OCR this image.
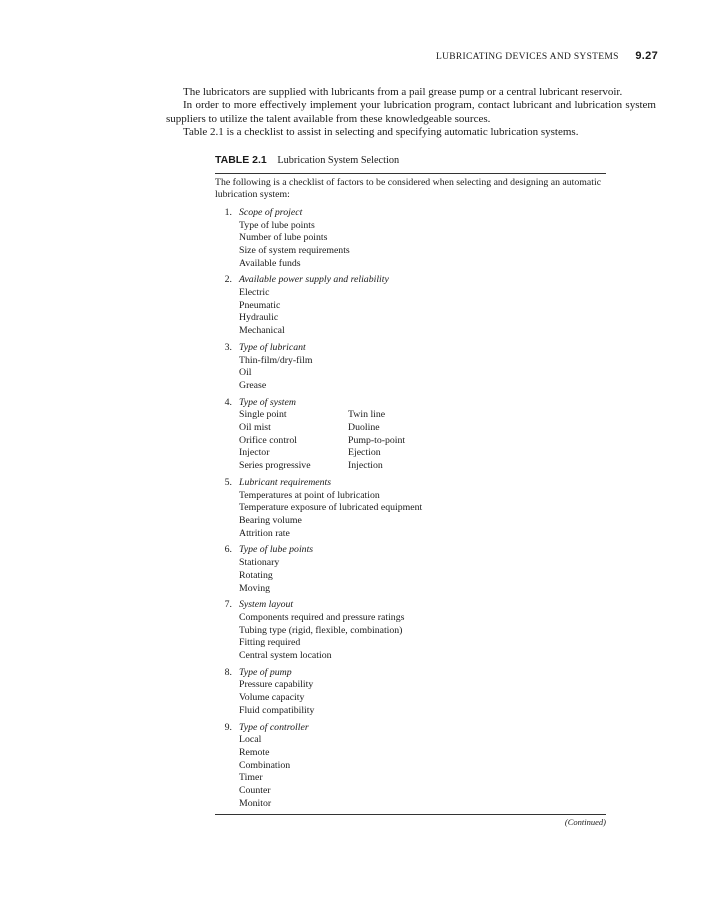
LUBRICATING DEVICES AND SYSTEMS 9.27

The lubricators are supplied with lubricants from a pail grease pump or a central lubricant reservoir.

In order to more effectively implement your lubrication program, contact lubricant and lubrication system suppliers to utilize the talent available from these knowledgeable sources.

Table 2.1 is a checklist to assist in selecting and specifying automatic lubrication systems.

TABLE 2.1 Lubrication System Selection
The following is a checklist of factors to be considered when selecting and designing an automatic lubrication system:
1. Scope of project
Type of lube points
Number of lube points
Size of system requirements
Available funds
2. Available power supply and reliability
Electric
Pneumatic
Hydraulic
Mechanical
3. Type of lubricant
Thin-film/dry-film
Oil
Grease
4. Type of system
Single point	Twin line
Oil mist	Duoline
Orifice control	Pump-to-point
Injector	Ejection
Series progressive	Injection
5. Lubricant requirements
Temperatures at point of lubrication
Temperature exposure of lubricated equipment
Bearing volume
Attrition rate
6. Type of lube points
Stationary
Rotating
Moving
7. System layout
Components required and pressure ratings
Tubing type (rigid, flexible, combination)
Fitting required
Central system location
8. Type of pump
Pressure capability
Volume capacity
Fluid compatibility
9. Type of controller
Local
Remote
Combination
Timer
Counter
Monitor
(Continued)
